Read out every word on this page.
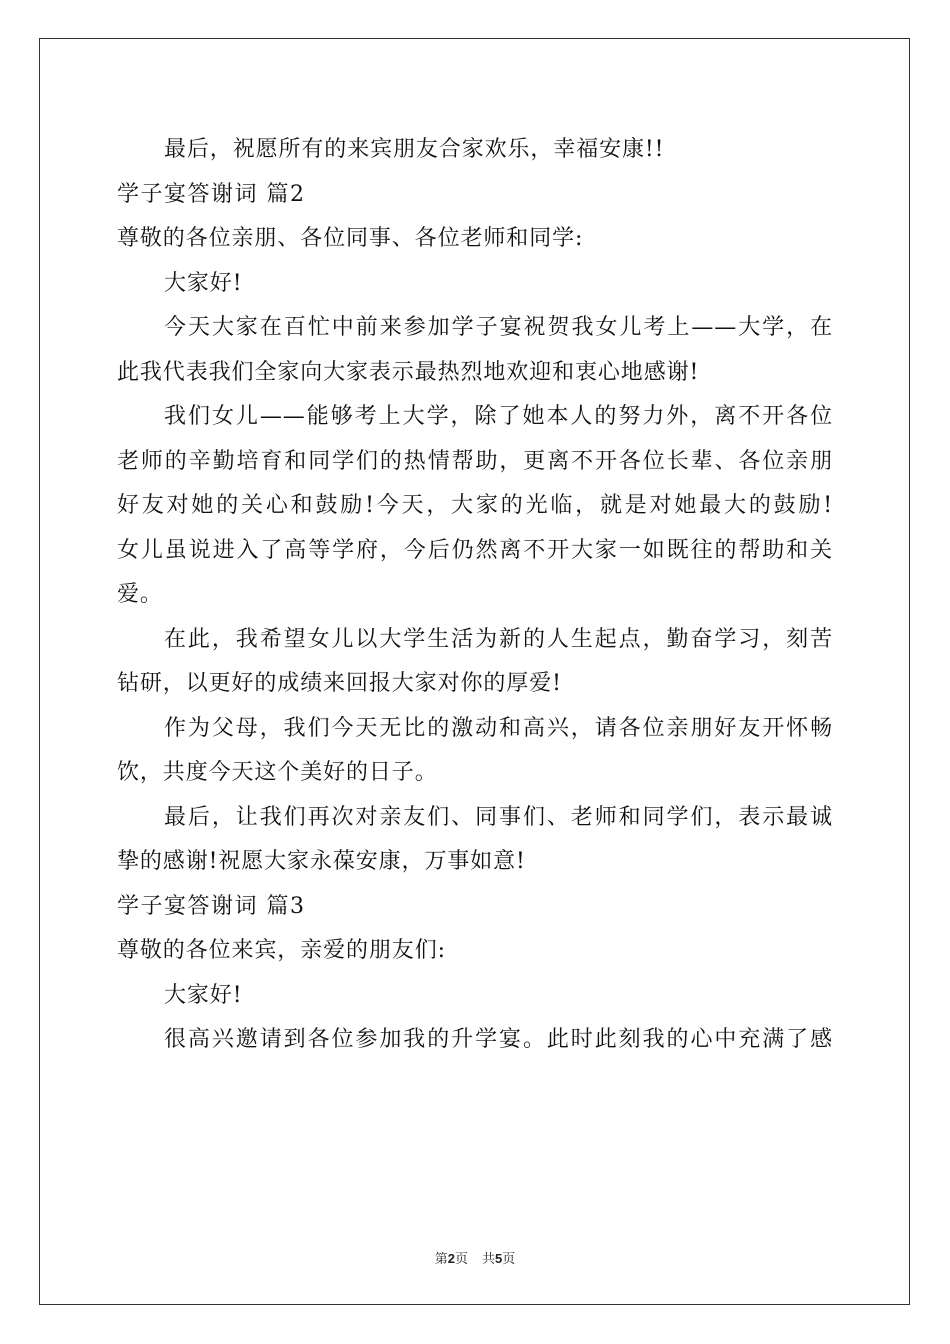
最后，祝愿所有的来宾朋友合家欢乐，幸福安康!!
学子宴答谢词 篇2
尊敬的各位亲朋、各位同事、各位老师和同学:
大家好!
今天大家在百忙中前来参加学子宴祝贺我女儿考上——大学，在
此我代表我们全家向大家表示最热烈地欢迎和衷心地感谢!
我们女儿——能够考上大学，除了她本人的努力外，离不开各位
老师的辛勤培育和同学们的热情帮助，更离不开各位长辈、各位亲朋
好友对她的关心和鼓励!今天，大家的光临，就是对她最大的鼓励!
女儿虽说进入了高等学府，今后仍然离不开大家一如既往的帮助和关
爱。
在此，我希望女儿以大学生活为新的人生起点，勤奋学习，刻苦
钻研，以更好的成绩来回报大家对你的厚爱!
作为父母，我们今天无比的激动和高兴，请各位亲朋好友开怀畅
饮，共度今天这个美好的日子。
最后，让我们再次对亲友们、同事们、老师和同学们，表示最诚
挚的感谢!祝愿大家永葆安康，万事如意!
学子宴答谢词 篇3
尊敬的各位来宾，亲爱的朋友们:
大家好!
很高兴邀请到各位参加我的升学宴。此时此刻我的心中充满了感
第2页 共5页
